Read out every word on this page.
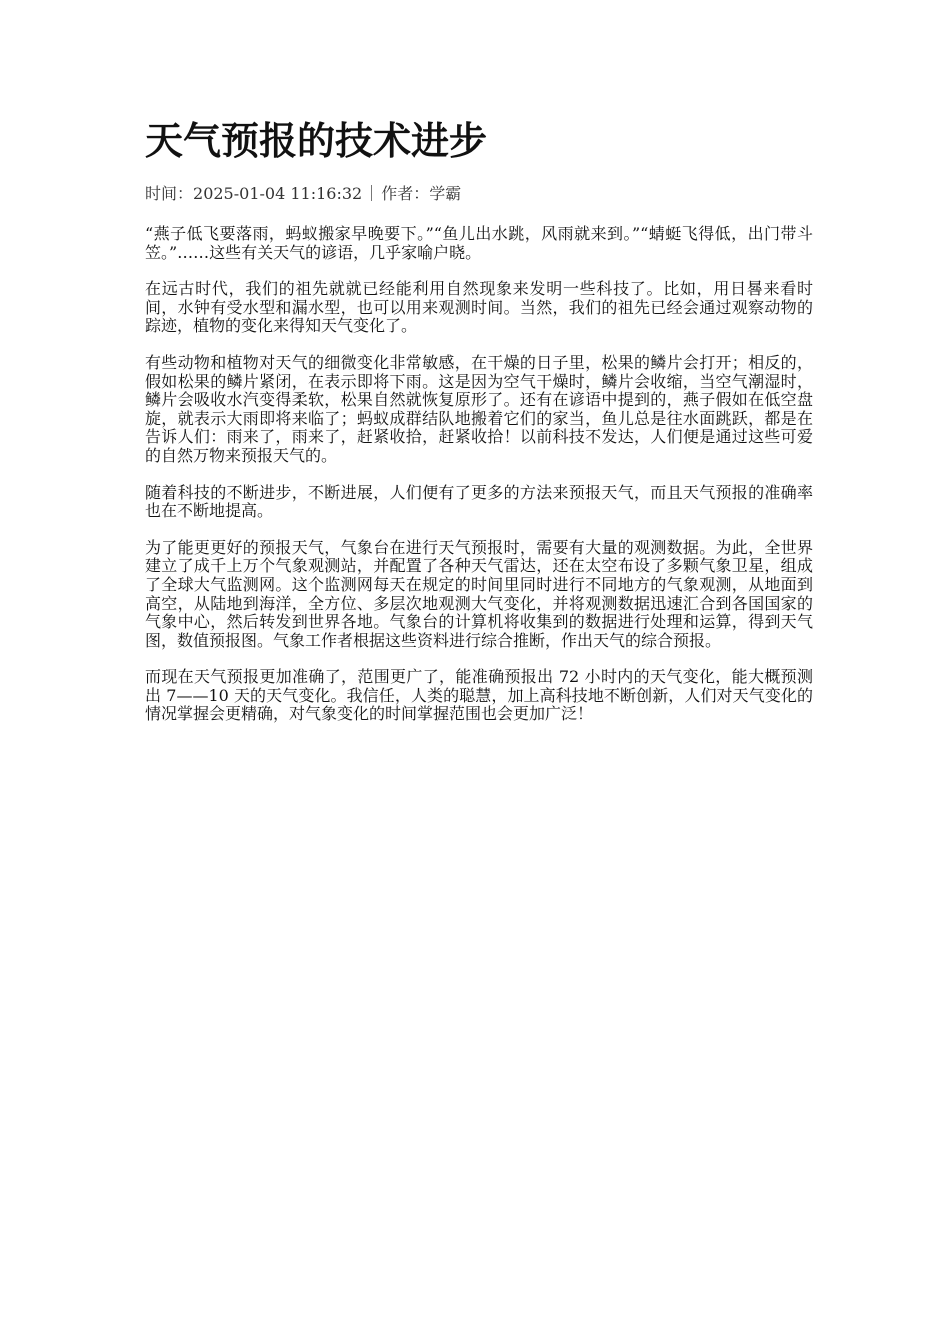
天气预报的技术进步
时间：2025-01-04 11:16:32 作者：学霸

“燕子低飞要落雨，蚂蚁搬家早晚要下。”“鱼儿出水跳，风雨就来到。”“蜻蜓飞得低，出门带斗笠。”……这些有关天气的谚语，几乎家喻户晓。

在远古时代，我们的祖先就就已经能利用自然现象来发明一些科技了。比如，用日晷来看时间，水钟有受水型和漏水型，也可以用来观测时间。当然，我们的祖先已经会通过观察动物的踪迹，植物的变化来得知天气变化了。

有些动物和植物对天气的细微变化非常敏感，在干燥的日子里，松果的鳞片会打开；相反的，假如松果的鳞片紧闭，在表示即将下雨。这是因为空气干燥时，鳞片会收缩，当空气潮湿时，鳞片会吸收水汽变得柔软，松果自然就恢复原形了。还有在谚语中提到的，燕子假如在低空盘旋，就表示大雨即将来临了；蚂蚁成群结队地搬着它们的家当，鱼儿总是往水面跳跃，都是在告诉人们：雨来了，雨来了，赶紧收拾，赶紧收拾！以前科技不发达，人们便是通过这些可爱的自然万物来预报天气的。

随着科技的不断进步，不断进展，人们便有了更多的方法来预报天气，而且天气预报的准确率也在不断地提高。

为了能更更好的预报天气，气象台在进行天气预报时，需要有大量的观测数据。为此，全世界建立了成千上万个气象观测站，并配置了各种天气雷达，还在太空布设了多颗气象卫星，组成了全球大气监测网。这个监测网每天在规定的时间里同时进行不同地方的气象观测，从地面到高空，从陆地到海洋，全方位、多层次地观测大气变化，并将观测数据迅速汇合到各国国家的气象中心，然后转发到世界各地。气象台的计算机将收集到的数据进行处理和运算，得到天气图，数值预报图。气象工作者根据这些资料进行综合推断，作出天气的综合预报。

而现在天气预报更加准确了，范围更广了，能准确预报出 72 小时内的天气变化，能大概预测出 7——10 天的天气变化。我信任，人类的聪慧，加上高科技地不断创新，人们对天气变化的情况掌握会更精确，对气象变化的时间掌握范围也会更加广泛！
